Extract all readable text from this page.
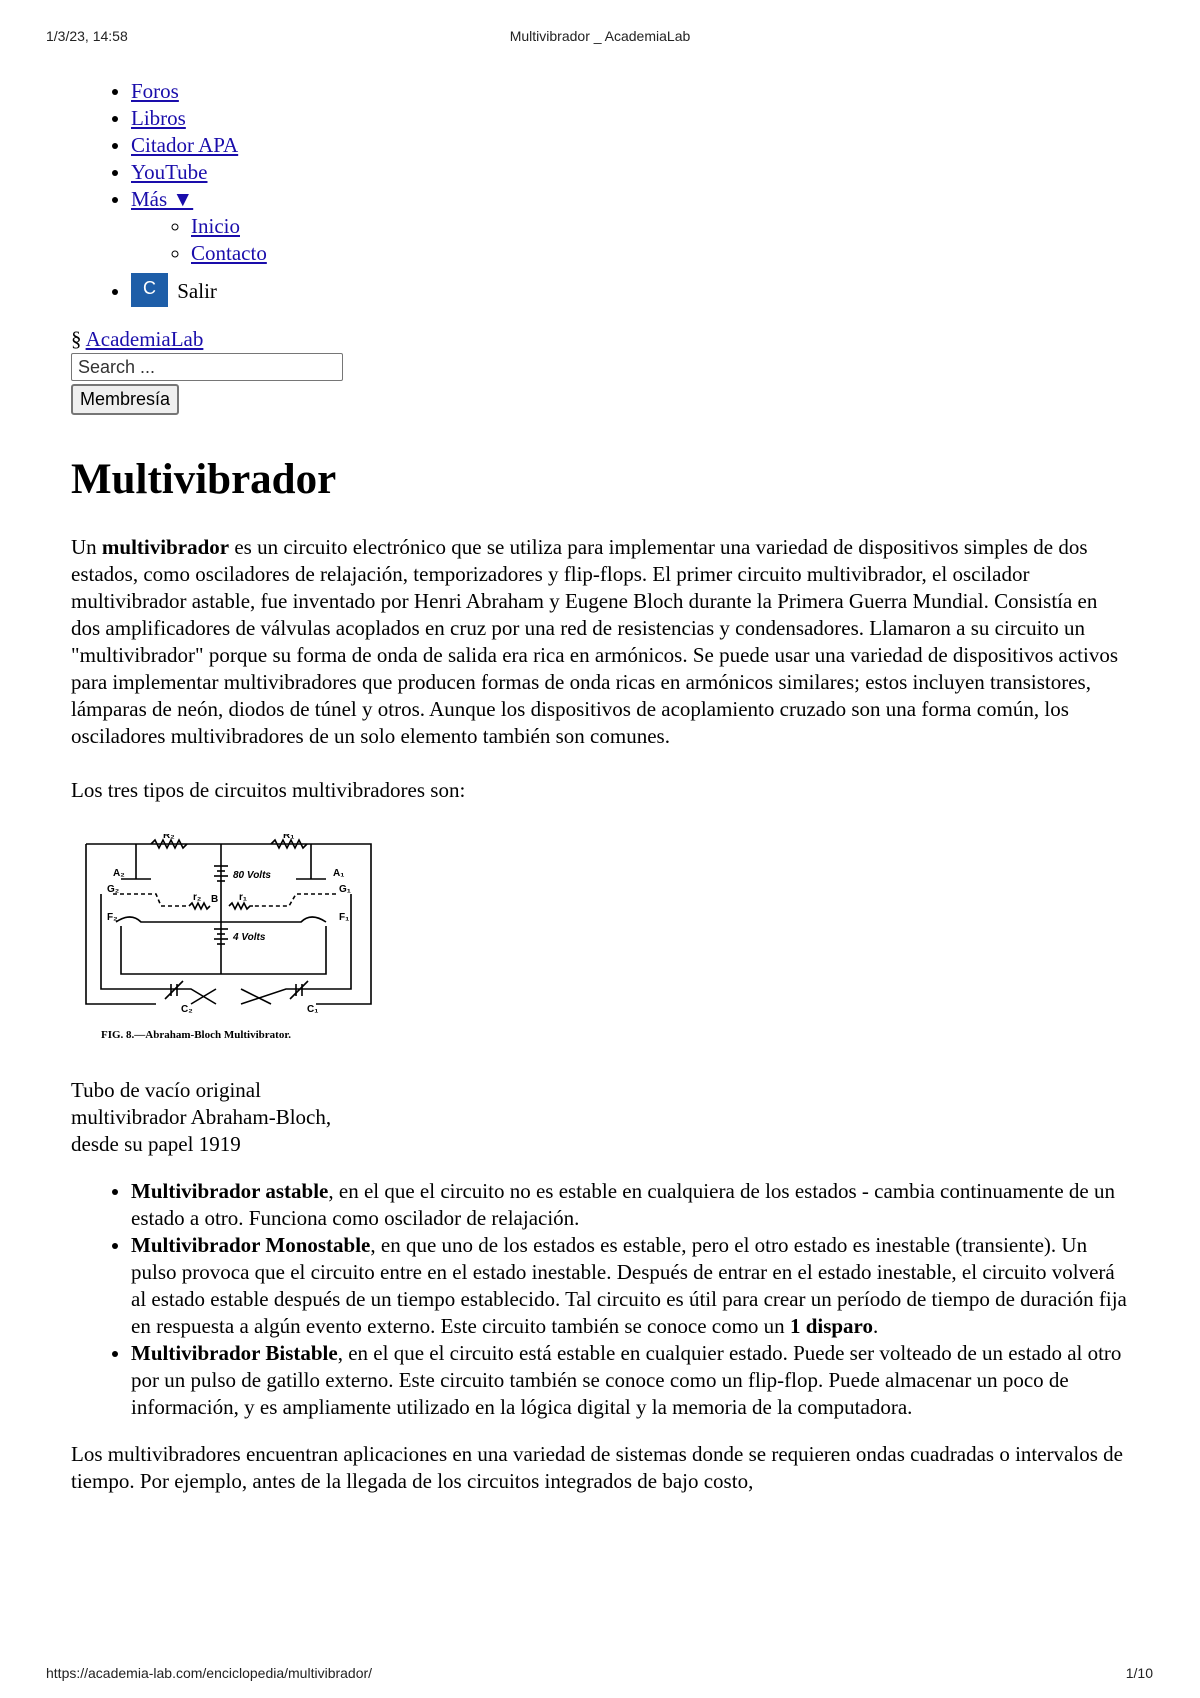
1/3/23, 14:58	Multivibrador _ AcademiaLab
• Foros
• Libros
• Citador APA
• YouTube
• Más ▼
◦ Inicio
◦ Contacto
• C Salir
§ AcademiaLab
Search ...
Membresía
Multivibrador

Un multivibrador es un circuito electrónico que se utiliza para implementar una variedad de dispositivos simples de dos estados, como osciladores de relajación, temporizadores y flip-flops. El primer circuito multivibrador, el oscilador multivibrador astable, fue inventado por Henri Abraham y Eugene Bloch durante la Primera Guerra Mundial. Consistía en dos amplificadores de válvulas acoplados en cruz por una red de resistencias y condensadores. Llamaron a su circuito un "multivibrador" porque su forma de onda de salida era rica en armónicos. Se puede usar una variedad de dispositivos activos para implementar multivibradores que producen formas de onda ricas en armónicos similares; estos incluyen transistores, lámparas de neón, diodos de túnel y otros. Aunque los dispositivos de acoplamiento cruzado son una forma común, los osciladores multivibradores de un solo elemento también son comunes.

Los tres tipos de circuitos multivibradores son:

R₂	R₁
A₂	A₁
G₂	G₁
F₂	F₁
B
r₂	r₁
C₂	C₁
80 Volts
4 Volts
FIG. 8.—Abraham-Bloch Multivibrator.
Tubo de vacío original
multivibrador Abraham-Bloch,
desde su papel 1919
• Multivibrador astable, en el que el circuito no es estable en cualquiera de los estados - cambia continuamente de un estado a otro. Funciona como oscilador de relajación.
• Multivibrador Monostable, en que uno de los estados es estable, pero el otro estado es inestable (transiente). Un pulso provoca que el circuito entre en el estado inestable. Después de entrar en el estado inestable, el circuito volverá al estado estable después de un tiempo establecido. Tal circuito es útil para crear un período de tiempo de duración fija en respuesta a algún evento externo. Este circuito también se conoce como un 1 disparo.
• Multivibrador Bistable, en el que el circuito está estable en cualquier estado. Puede ser volteado de un estado al otro por un pulso de gatillo externo. Este circuito también se conoce como un flip-flop. Puede almacenar un poco de información, y es ampliamente utilizado en la lógica digital y la memoria de la computadora.

Los multivibradores encuentran aplicaciones en una variedad de sistemas donde se requieren ondas cuadradas o intervalos de tiempo. Por ejemplo, antes de la llegada de los circuitos integrados de bajo costo,

https://academia-lab.com/enciclopedia/multivibrador/	1/10
